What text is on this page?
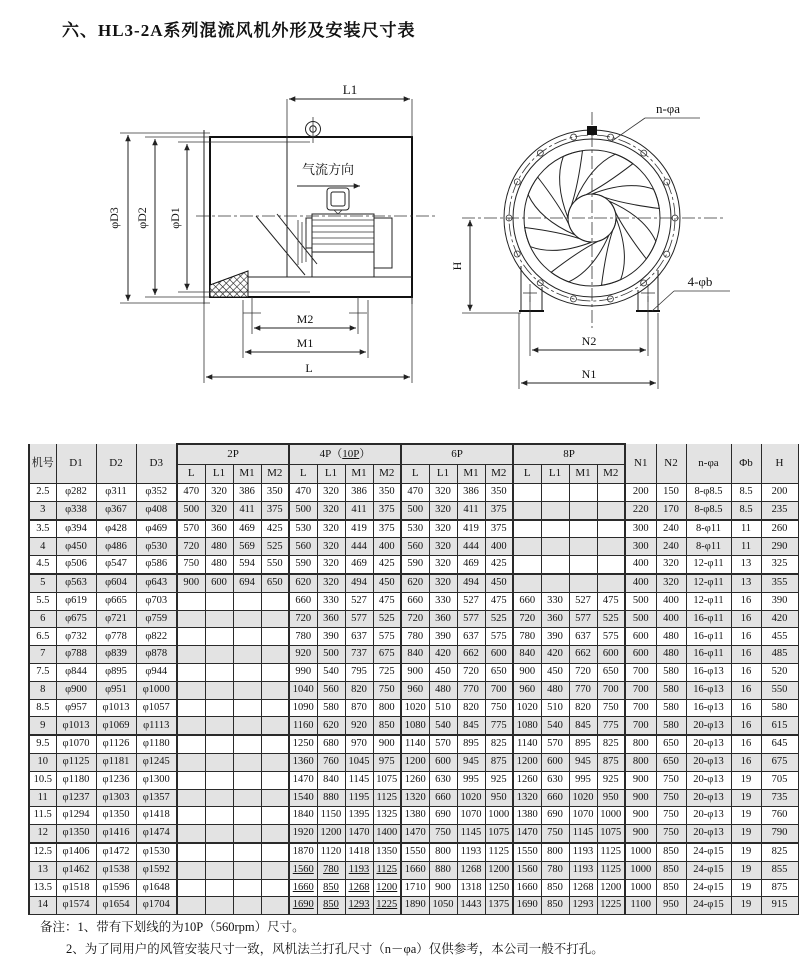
六、HL3-2A系列混流风机外形及安装尺寸表
L1
气流方向
M2
M1
L
φD3 φD2 φD1
n-φa
H
4-φb
N2
N1
机号	D1	D2	D3	2P				4P（10P）				6P				8P				N1	N2	n-φa	Φb	H
				L	L1	M1	M2	L	L1	M1	M2	L	L1	M1	M2	L	L1	M1	M2					
2.5	φ282	φ311	φ352	470	320	386	350	470	320	386	350	470	320	386	350					200	150	8-φ8.5	8.5	200
3	φ338	φ367	φ408	500	320	411	375	500	320	411	375	500	320	411	375					220	170	8-φ8.5	8.5	235
3.5	φ394	φ428	φ469	570	360	469	425	530	320	419	375	530	320	419	375					300	240	8-φ11	11	260
4	φ450	φ486	φ530	720	480	569	525	560	320	444	400	560	320	444	400					300	240	8-φ11	11	290
4.5	φ506	φ547	φ586	750	480	594	550	590	320	469	425	590	320	469	425					400	320	12-φ11	13	325
5	φ563	φ604	φ643	900	600	694	650	620	320	494	450	620	320	494	450					400	320	12-φ11	13	355
5.5	φ619	φ665	φ703					660	330	527	475	660	330	527	475	660	330	527	475	500	400	12-φ11	16	390
6	φ675	φ721	φ759					720	360	577	525	720	360	577	525	720	360	577	525	500	400	16-φ11	16	420
6.5	φ732	φ778	φ822					780	390	637	575	780	390	637	575	780	390	637	575	600	480	16-φ11	16	455
7	φ788	φ839	φ878					920	500	737	675	840	420	662	600	840	420	662	600	600	480	16-φ11	16	485
7.5	φ844	φ895	φ944					990	540	795	725	900	450	720	650	900	450	720	650	700	580	16-φ13	16	520
8	φ900	φ951	φ1000					1040	560	820	750	960	480	770	700	960	480	770	700	700	580	16-φ13	16	550
8.5	φ957	φ1013	φ1057					1090	580	870	800	1020	510	820	750	1020	510	820	750	700	580	16-φ13	16	580
9	φ1013	φ1069	φ1113					1160	620	920	850	1080	540	845	775	1080	540	845	775	700	580	20-φ13	16	615
9.5	φ1070	φ1126	φ1180					1250	680	970	900	1140	570	895	825	1140	570	895	825	800	650	20-φ13	16	645
10	φ1125	φ1181	φ1245					1360	760	1045	975	1200	600	945	875	1200	600	945	875	800	650	20-φ13	16	675
10.5	φ1180	φ1236	φ1300					1470	840	1145	1075	1260	630	995	925	1260	630	995	925	900	750	20-φ13	19	705
11	φ1237	φ1303	φ1357					1540	880	1195	1125	1320	660	1020	950	1320	660	1020	950	900	750	20-φ13	19	735
11.5	φ1294	φ1350	φ1418					1840	1150	1395	1325	1380	690	1070	1000	1380	690	1070	1000	900	750	20-φ13	19	760
12	φ1350	φ1416	φ1474					1920	1200	1470	1400	1470	750	1145	1075	1470	750	1145	1075	900	750	20-φ13	19	790
12.5	φ1406	φ1472	φ1530					1870	1120	1418	1350	1550	800	1193	1125	1550	800	1193	1125	1000	850	24-φ15	19	825
13	φ1462	φ1538	φ1592					1560	780	1193	1125	1660	880	1268	1200	1560	780	1193	1125	1000	850	24-φ15	19	855
13.5	φ1518	φ1596	φ1648					1660	850	1268	1200	1710	900	1318	1250	1660	850	1268	1200	1000	850	24-φ15	19	875
14	φ1574	φ1654	φ1704					1690	850	1293	1225	1890	1050	1443	1375	1690	850	1293	1225	1100	950	24-φ15	19	915
备注：1、带有下划线的为10P（560rpm）尺寸。
2、为了同用户的风管安装尺寸一致，风机法兰打孔尺寸（n－φa）仅供参考，本公司一般不打孔。
